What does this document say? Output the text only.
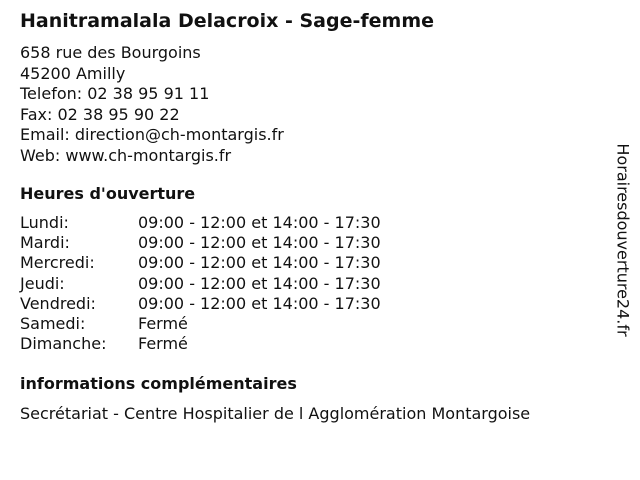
Hanitramalala Delacroix - Sage-femme
658 rue des Bourgoins
45200 Amilly
Telefon: 02 38 95 91 11
Fax: 02 38 95 90 22
Email: direction@ch-montargis.fr
Web: www.ch-montargis.fr
Heures d'ouverture
Lundi:	09:00 - 12:00 et 14:00 - 17:30
Mardi:	09:00 - 12:00 et 14:00 - 17:30
Mercredi:	09:00 - 12:00 et 14:00 - 17:30
Jeudi:	09:00 - 12:00 et 14:00 - 17:30
Vendredi:	09:00 - 12:00 et 14:00 - 17:30
Samedi:	Fermé
Dimanche:	Fermé
informations complémentaires
Secrétariat - Centre Hospitalier de l Agglomération Montargoise
Horairesdouverture24.fr
